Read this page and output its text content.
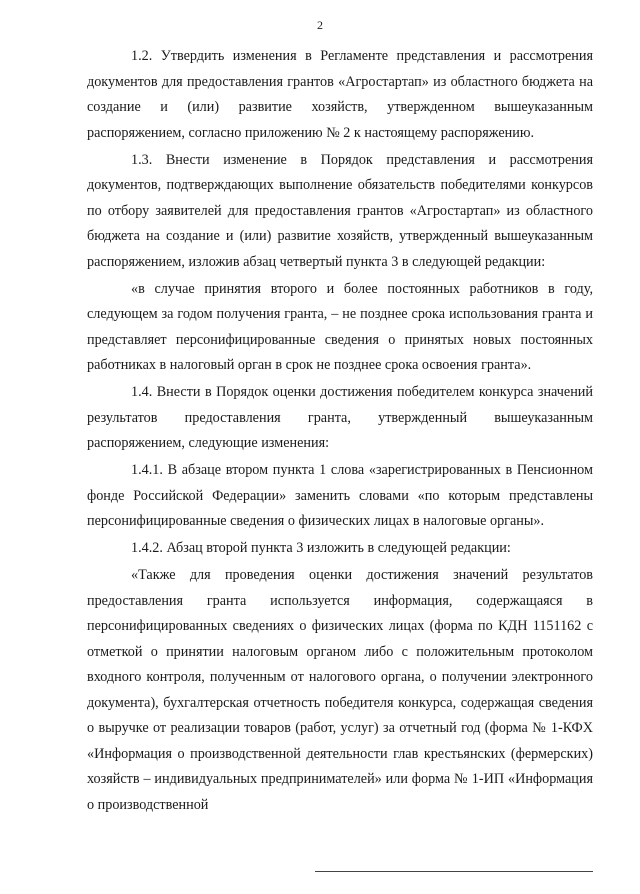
2

1.2. Утвердить изменения в Регламенте представления и рассмотрения документов для предоставления грантов «Агростартап» из областного бюджета на создание и (или) развитие хозяйств, утвержденном вышеуказанным распоряжением, согласно приложению № 2 к настоящему распоряжению.

1.3. Внести изменение в Порядок представления и рассмотрения документов, подтверждающих выполнение обязательств победителями конкурсов по отбору заявителей для предоставления грантов «Агростартап» из областного бюджета на создание и (или) развитие хозяйств, утвержденный вышеуказанным распоряжением, изложив абзац четвертый пункта 3 в следующей редакции:

«в случае принятия второго и более постоянных работников в году, следующем за годом получения гранта, – не позднее срока использования гранта и представляет персонифицированные сведения о принятых новых постоянных работниках в налоговый орган в срок не позднее срока освоения гранта».

1.4. Внести в Порядок оценки достижения победителем конкурса значений результатов предоставления гранта, утвержденный вышеуказанным распоряжением, следующие изменения:

1.4.1. В абзаце втором пункта 1 слова «зарегистрированных в Пенсионном фонде Российской Федерации» заменить словами «по которым представлены персонифицированные сведения о физических лицах в налоговые органы».

1.4.2. Абзац второй пункта 3 изложить в следующей редакции:

«Также для проведения оценки достижения значений результатов предоставления гранта используется информация, содержащаяся в персонифицированных сведениях о физических лицах (форма по КДН 1151162 с отметкой о принятии налоговым органом либо с положительным протоколом входного контроля, полученным от налогового органа, о получении электронного документа), бухгалтерская отчетность победителя конкурса, содержащая сведения о выручке от реализации товаров (работ, услуг) за отчетный год (форма № 1-КФХ «Информация о производственной деятельности глав крестьянских (фермерских) хозяйств – индивидуальных предпринимателей» или форма № 1-ИП «Информация о производственной
